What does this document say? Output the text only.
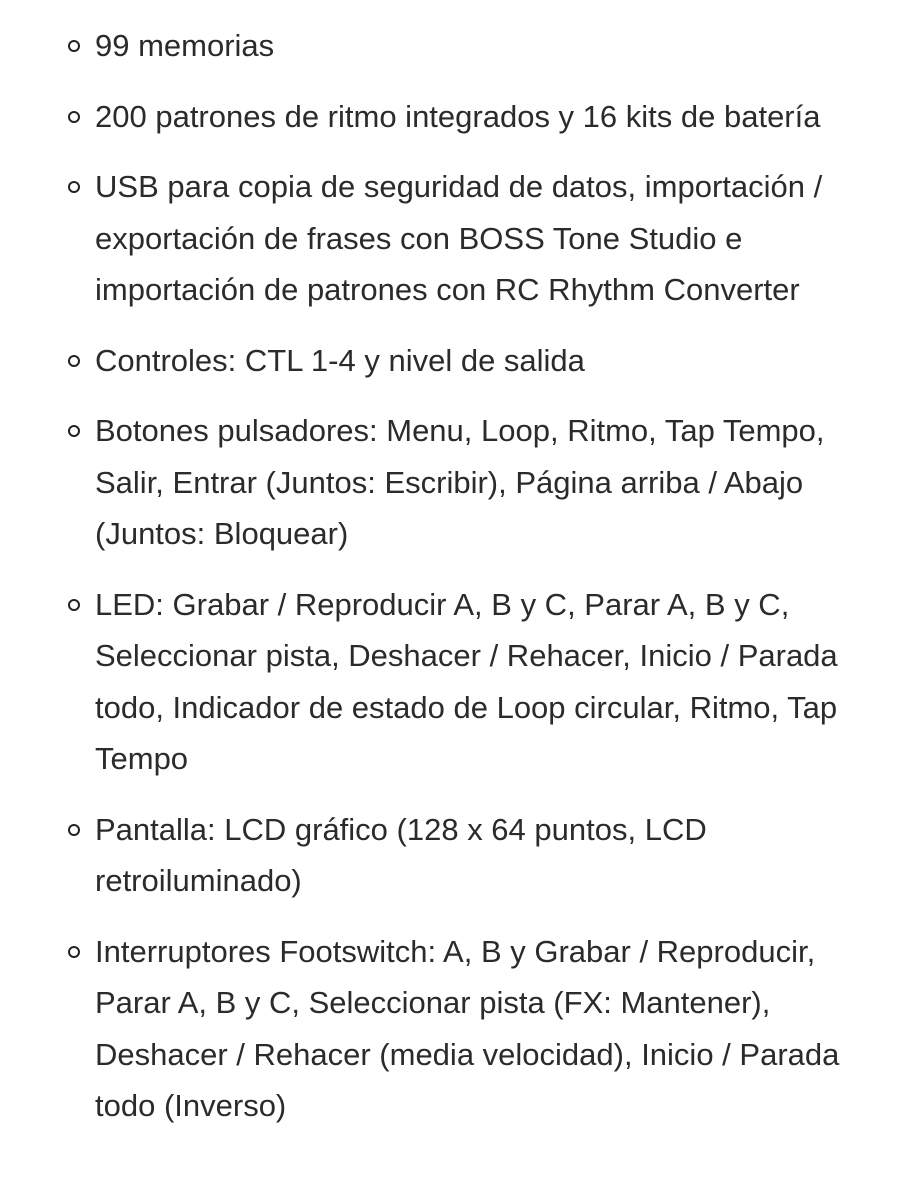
99 memorias
200 patrones de ritmo integrados y 16 kits de batería
USB para copia de seguridad de datos, importación / exportación de frases con BOSS Tone Studio e importación de patrones con RC Rhythm Converter
Controles: CTL 1-4 y nivel de salida
Botones pulsadores: Menu, Loop, Ritmo, Tap Tempo, Salir, Entrar (Juntos: Escribir), Página arriba / Abajo (Juntos: Bloquear)
LED: Grabar / Reproducir A, B y C, Parar A, B y C, Seleccionar pista, Deshacer / Rehacer, Inicio / Parada todo, Indicador de estado de Loop circular, Ritmo, Tap Tempo
Pantalla: LCD gráfico (128 x 64 puntos, LCD retroiluminado)
Interruptores Footswitch: A, B y Grabar / Reproducir, Parar A, B y C, Seleccionar pista (FX: Mantener), Deshacer / Rehacer (media velocidad), Inicio / Parada todo (Inverso)
